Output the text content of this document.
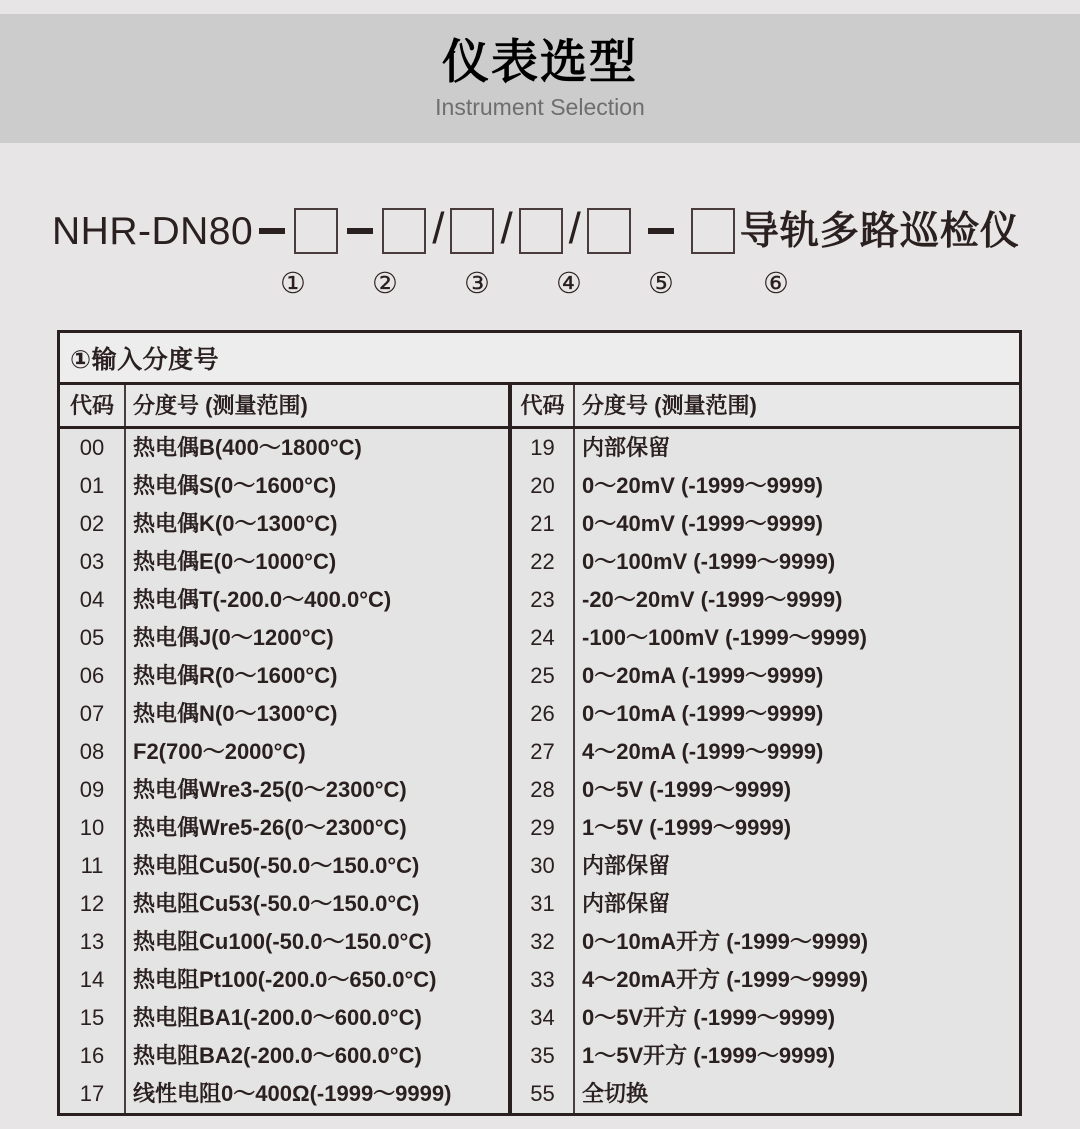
仪表选型
Instrument Selection
NHR-DN80	/ / /	导轨多路巡检仪
① ② ③ ④ ⑤	⑥
①输入分度号
代码	分度号 (测量范围)	代码	分度号 (测量范围)
00	热电偶B(400～1800°C)	19	内部保留
01	热电偶S(0～1600°C)	20	0～20mV (-1999～9999)
02	热电偶K(0～1300°C)	21	0～40mV (-1999～9999)
03	热电偶E(0～1000°C)	22	0～100mV (-1999～9999)
04	热电偶T(-200.0～400.0°C)	23	-20～20mV (-1999～9999)
05	热电偶J(0～1200°C)	24	-100～100mV (-1999～9999)
06	热电偶R(0～1600°C)	25	0～20mA (-1999～9999)
07	热电偶N(0～1300°C)	26	0～10mA (-1999～9999)
08	F2(700～2000°C)	27	4～20mA (-1999～9999)
09	热电偶Wre3-25(0～2300°C)	28	0～5V (-1999～9999)
10	热电偶Wre5-26(0～2300°C)	29	1～5V (-1999～9999)
11	热电阻Cu50(-50.0～150.0°C)	30	内部保留
12	热电阻Cu53(-50.0～150.0°C)	31	内部保留
13	热电阻Cu100(-50.0～150.0°C)	32	0～10mA开方 (-1999～9999)
14	热电阻Pt100(-200.0～650.0°C)	33	4～20mA开方 (-1999～9999)
15	热电阻BA1(-200.0～600.0°C)	34	0～5V开方 (-1999～9999)
16	热电阻BA2(-200.0～600.0°C)	35	1～5V开方 (-1999～9999)
17	线性电阻0～400Ω(-1999～9999)	55	全切换
